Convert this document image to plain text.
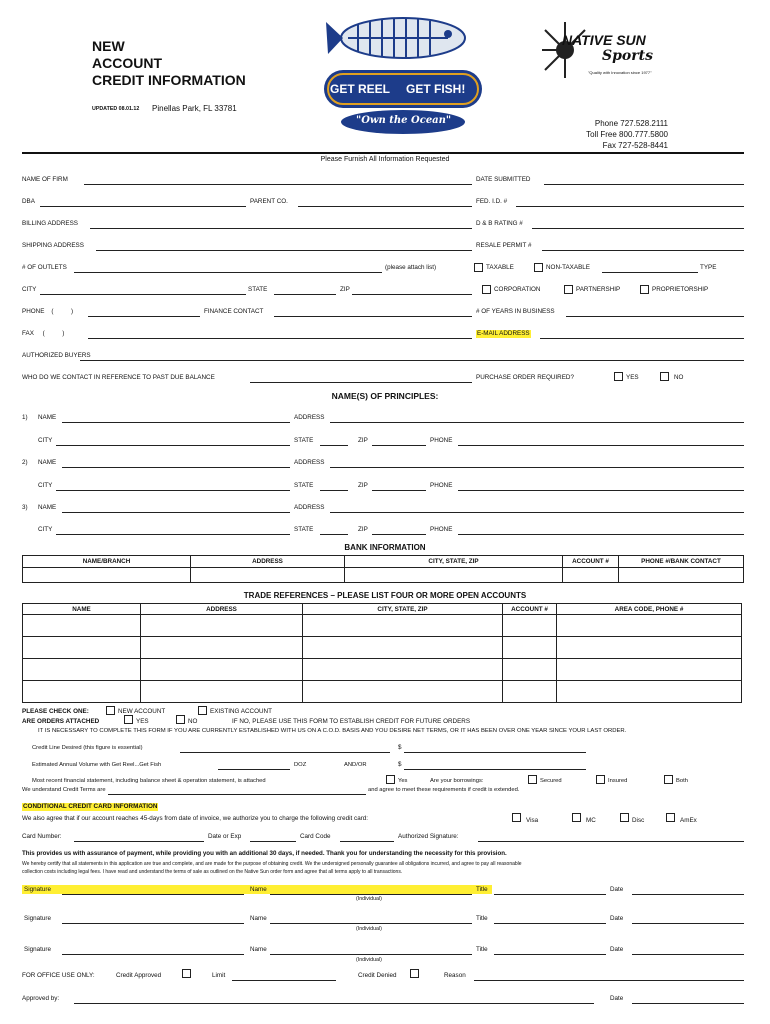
NEW
ACCOUNT
CREDIT INFORMATION
UPDATED 08.01.12 Pinellas Park, FL 33781
GET REEL GET FISH!
"Own the Ocean"
NATIVE SUN
Sports
"Quality with Innovation since 1977"
Phone 727.528.2111
Toll Free 800.777.5800
Fax 727-528-8441
Please Furnish All Information Requested
NAME OF FIRM	DATE SUBMITTED
DBA	PARENT CO.	FED. I.D. #
BILLING ADDRESS	D & B RATING #
SHIPPING ADDRESS	RESALE PERMIT #
# OF OUTLETS	(please attach list)	TAXABLE	NON-TAXABLE	TYPE
CITY	STATE	ZIP	CORPORATION	PARTNERSHIP	PROPRIETORSHIP
PHONE    (          )	FINANCE CONTACT	# OF YEARS IN BUSINESS
FAX     (          )	E-MAIL ADDRESS
AUTHORIZED BUYERS
WHO DO WE CONTACT IN REFERENCE TO PAST DUE BALANCE	PURCHASE ORDER REQUIRED?	YES	NO
NAME(S) OF PRINCIPLES:
1) NAME	ADDRESS
CITY	STATE	ZIP	PHONE
2) NAME	ADDRESS
CITY	STATE	ZIP	PHONE
3) NAME	ADDRESS
CITY	STATE	ZIP	PHONE
BANK INFORMATION
NAME/BRANCH	ADDRESS	CITY, STATE, ZIP	ACCOUNT #	PHONE #/BANK CONTACT

TRADE REFERENCES – PLEASE LIST FOUR OR MORE OPEN ACCOUNTS
NAME	ADDRESS	CITY, STATE, ZIP	ACCOUNT #	AREA CODE, PHONE #

PLEASE CHECK ONE:	NEW ACCOUNT	EXISTING ACCOUNT
ARE ORDERS ATTACHED	YES	NO	IF NO, PLEASE USE THIS FORM TO ESTABLISH CREDIT FOR FUTURE ORDERS
IT IS NECESSARY TO COMPLETE THIS FORM IF YOU ARE CURRENTLY ESTABLISHED WITH US ON A C.O.D. BASIS AND YOU DESIRE NET TERMS, OR IT HAS BEEN OVER ONE YEAR SINCE YOUR LAST ORDER.
Credit Line Desired (this figure is essential)	$
Estimated Annual Volume with Get Reel...Get Fish	DOZ	AND/OR	$
Most recent financial statement, including balance sheet & operation statement, is attached	Yes	Are your borrowings:	Secured	Insured	Both
We understand Credit Terms are	and agree to meet these requirements if credit is extended.
CONDITIONAL CREDIT CARD INFORMATION
We also agree that if our account reaches 45-days from date of invoice, we authorize you to charge the following credit card:	Visa	MC	Disc	AmEx
Card Number:	Date or Exp	Card Code	Authorized Signature:
This provides us with assurance of payment, while providing you with an additional 30 days, if needed. Thank you for understanding the necessity for this provision.
We hereby certify that all statements in this application are true and complete, and are made for the purpose of obtaining credit. We the undersigned personally guarantee all obligations incurred, and agree to pay all reasonable
collection costs including legal fees. I have read and understand the terms of sale as outlined on the Native Sun order form and agree that all terms apply to all transactions.
Signature	Name
(Individual)
Title	Date
Signature	Name
(Individual)
Title	Date
Signature	Name
(Individual)
Title	Date
FOR OFFICE USE ONLY:	Credit Approved	Limit	Credit Denied	Reason
Approved by:	Date
